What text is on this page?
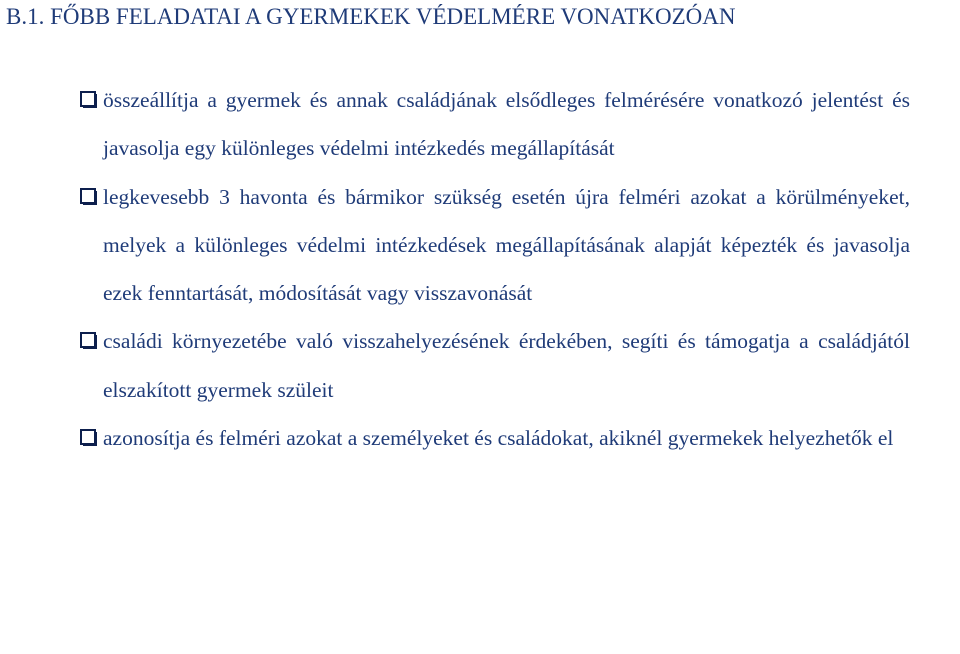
B.1. FŐBB FELADATAI A GYERMEKEK VÉDELMÉRE VONATKOZÓAN
összeállítja a gyermek és annak családjának elsődleges felmérésére vonatkozó jelentést és javasolja egy különleges védelmi intézkedés megállapítását
legkevesebb 3 havonta és bármikor szükség esetén újra felméri azokat a körülményeket, melyek a különleges védelmi intézkedések megállapításának alapját képezték és javasolja ezek fenntartását, módosítását vagy visszavonását
családi környezetébe való visszahelyezésének érdekében, segíti és támogatja a családjától elszakított gyermek szüleit
azonosítja és felméri azokat a személyeket és családokat, akiknél gyermekek helyezhetők el
